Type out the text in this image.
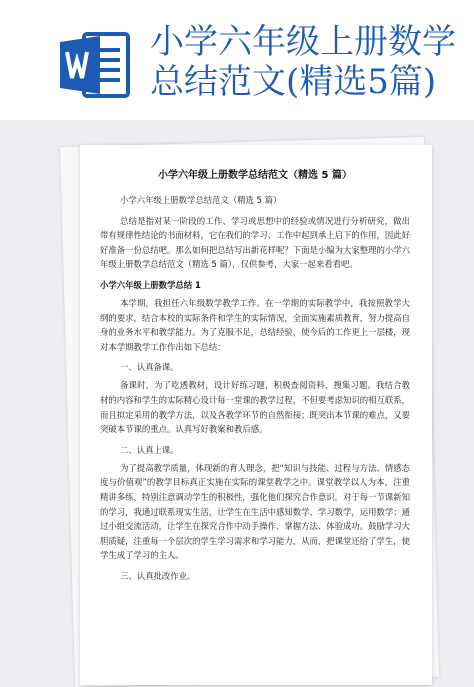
小学六年级上册数学总结范文(精选5篇)

小学六年级上册数学总结范文（精选 5 篇）

小学六年级上册数学总结范文（精选 5 篇）

总结是指对某一阶段的工作、学习或思想中的经验或情况进行分析研究，做出带有规律性结论的书面材料，它在我们的学习、工作中起到承上启下的作用，因此好好准备一份总结吧。那么如何把总结写出新花样呢？下面是小编为大家整理的小学六年级上册数学总结范文（精选 5 篇），仅供参考，大家一起来看看吧。

小学六年级上册数学总结 1

本学期，我担任六年级数学教学工作。在一学期的实际教学中，我按照教学大纲的要求，结合本校的实际条件和学生的实际情况，全面实施素质教育，努力提高自身的业务水平和教学能力。为了克服不足，总结经验，使今后的工作更上一层楼，现对本学期教学工作作出如下总结：

一、认真备课。

备课时，为了吃透教材，设计好练习题，积极查阅资料，搜集习题。我结合教材的内容和学生的实际精心设计每一堂课的教学过程，不但要考虑知识的相互联系，而且拟定采用的教学方法，以及各教学环节的自然衔接；既突出本节课的难点，又要突破本节课的重点。认真写好教案和教后感。

二、认真上课。

为了提高教学质量，体现新的育人理念，把“知识与技能、过程与方法、情感态度与价值观”的教学目标真正实施在实际的课堂教学之中。课堂教学以人为本，注重精讲多练，特别注意调动学生的积极性，强化他们探究合作意识。对于每一节课新知的学习，我通过联系现实生活，让学生在生活中感知数学、学习数学，运用数学；通过小组交流活动，让学生在探究合作中动手操作、掌握方法、体验成功。鼓励学习大胆质疑，注重每一个层次的学生学习需求和学习能力，从而，把课堂还给了学生，使学生成了学习的主人。

三、认真批改作业。
